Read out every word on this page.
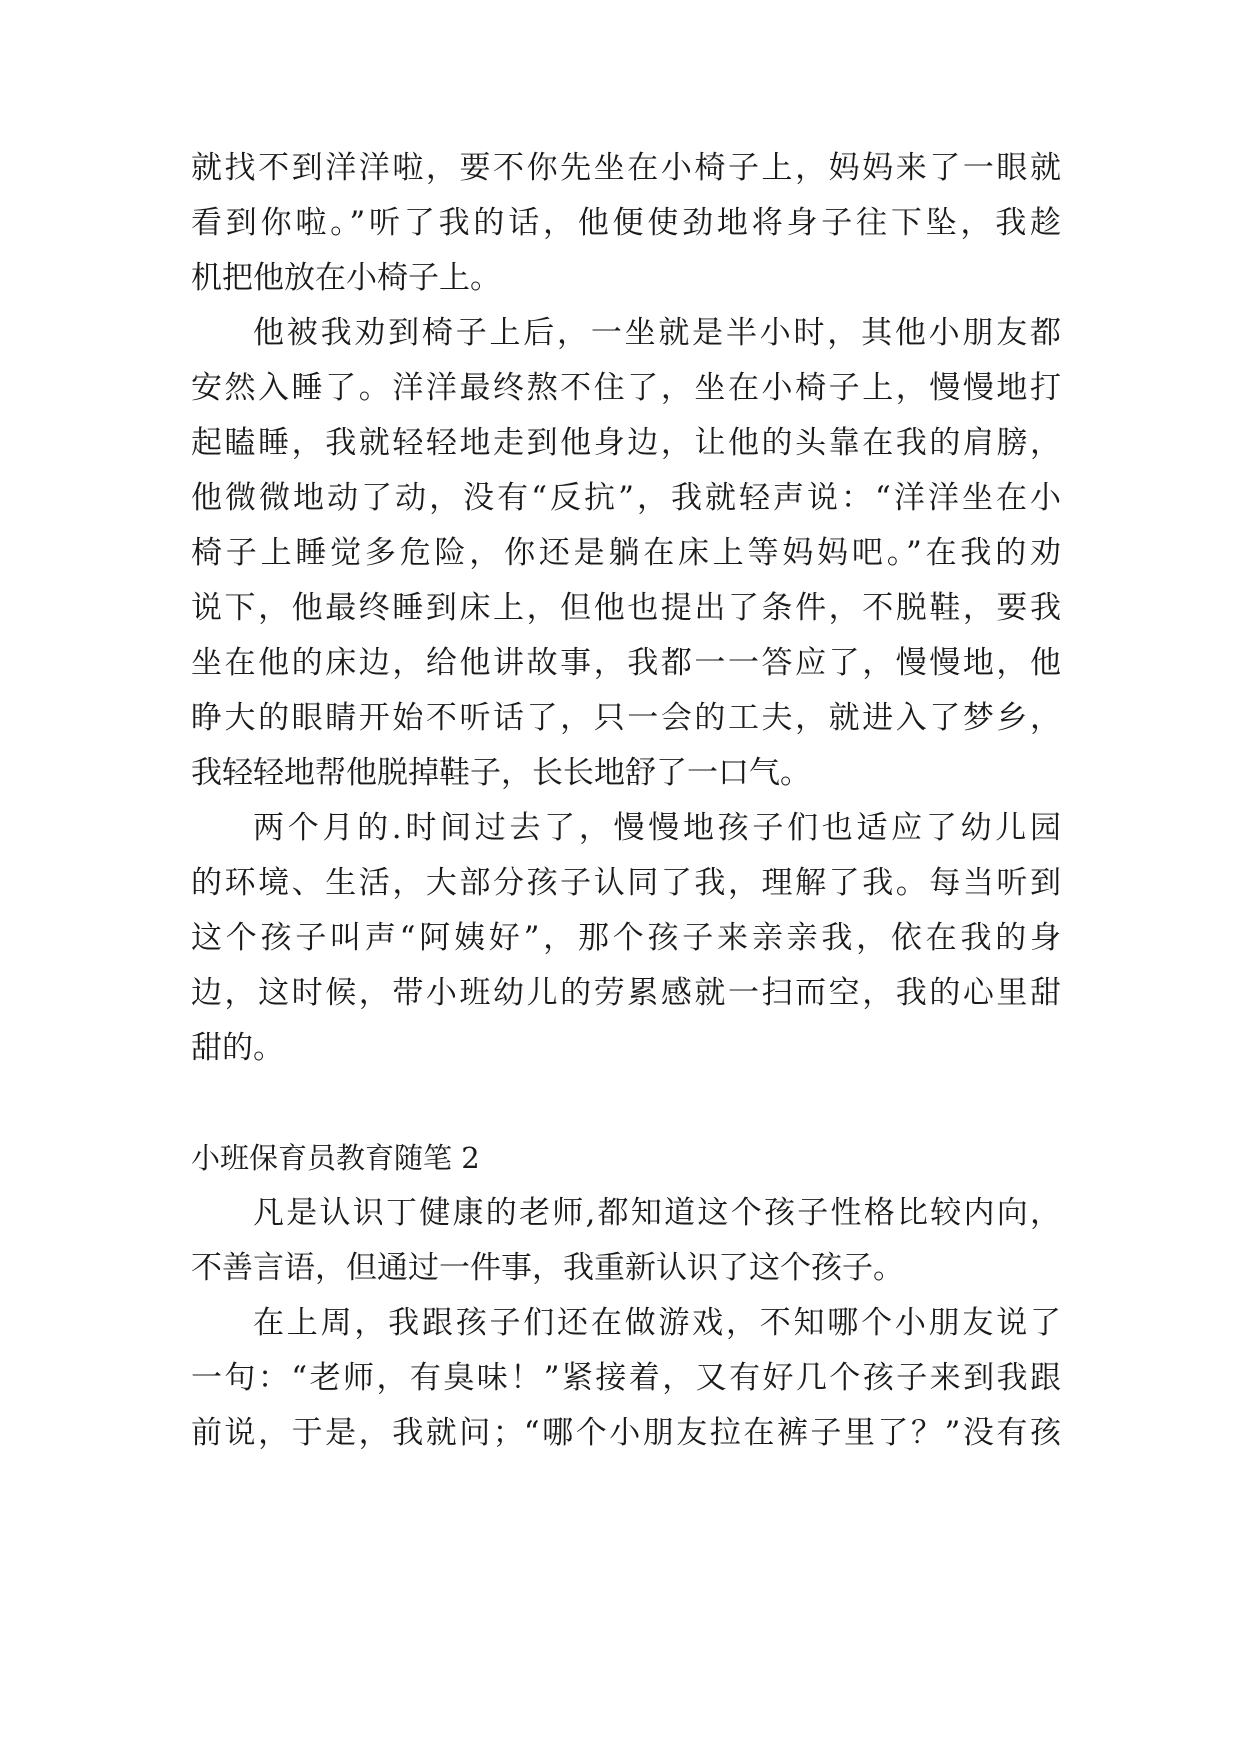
就找不到洋洋啦，要不你先坐在小椅子上，妈妈来了一眼就
看到你啦。”听了我的话，他便使劲地将身子往下坠，我趁
机把他放在小椅子上。
他被我劝到椅子上后，一坐就是半小时，其他小朋友都
安然入睡了。洋洋最终熬不住了，坐在小椅子上，慢慢地打
起瞌睡，我就轻轻地走到他身边，让他的头靠在我的肩膀，
他微微地动了动，没有“反抗”，我就轻声说：“洋洋坐在小
椅子上睡觉多危险，你还是躺在床上等妈妈吧。”在我的劝
说下，他最终睡到床上，但他也提出了条件，不脱鞋，要我
坐在他的床边，给他讲故事，我都一一答应了，慢慢地，他
睁大的眼睛开始不听话了，只一会的工夫，就进入了梦乡，
我轻轻地帮他脱掉鞋子，长长地舒了一口气。
两个月的.时间过去了，慢慢地孩子们也适应了幼儿园
的环境、生活，大部分孩子认同了我，理解了我。每当听到
这个孩子叫声“阿姨好”，那个孩子来亲亲我，依在我的身
边，这时候，带小班幼儿的劳累感就一扫而空，我的心里甜
甜的。
小班保育员教育随笔 2
凡是认识丁健康的老师,都知道这个孩子性格比较内向，
不善言语，但通过一件事，我重新认识了这个孩子。
在上周，我跟孩子们还在做游戏，不知哪个小朋友说了
一句：“老师，有臭味！”紧接着，又有好几个孩子来到我跟
前说，于是，我就问；“哪个小朋友拉在裤子里了？”没有孩
